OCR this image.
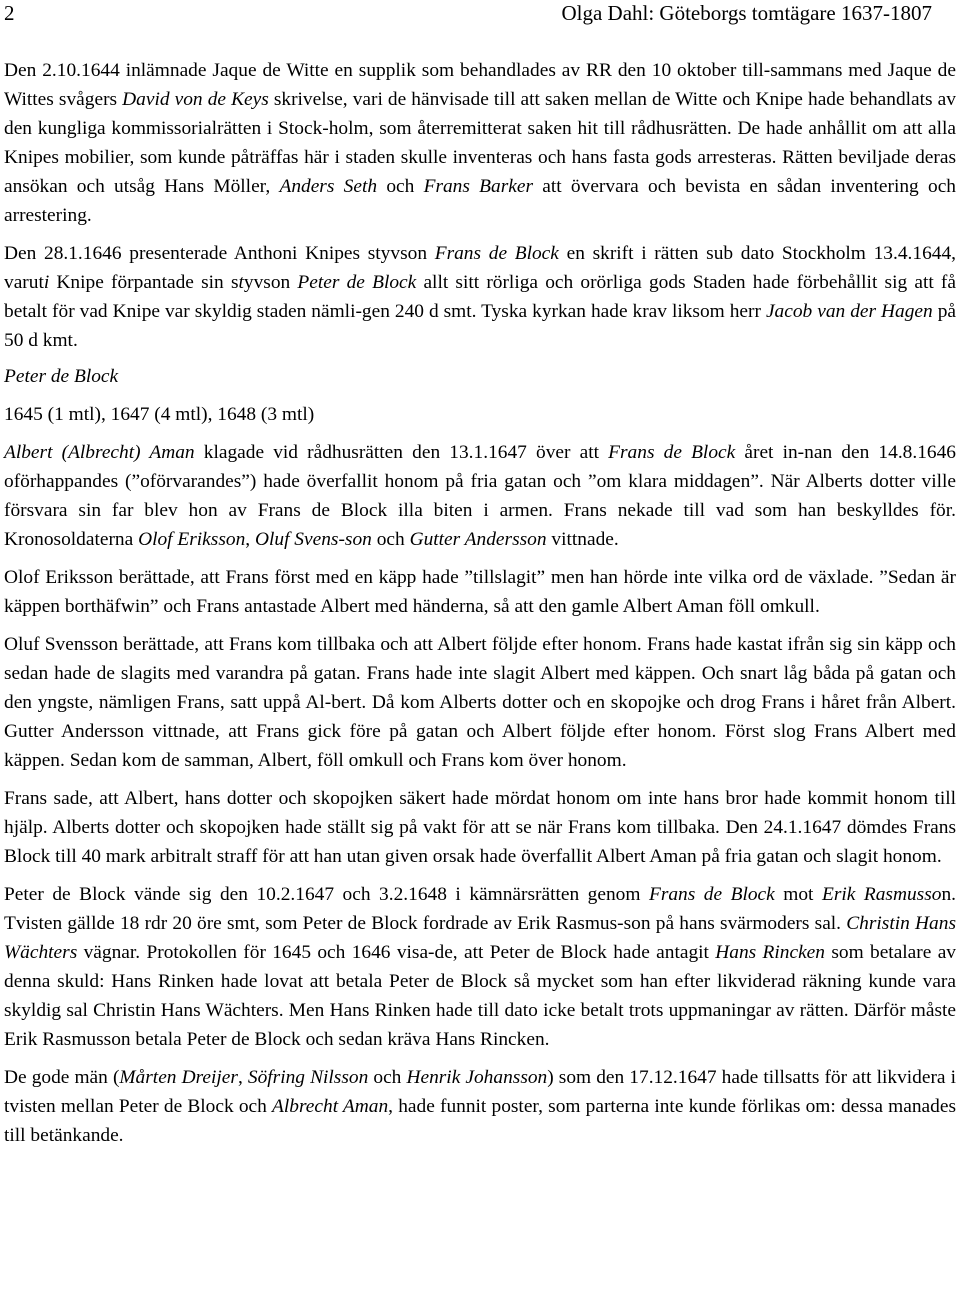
2	Olga Dahl: Göteborgs tomtägare 1637-1807

Den 2.10.1644 inlämnade Jaque de Witte en supplik som behandlades av RR den 10 oktober till-sammans med Jaque de Wittes svågers David von de Keys skrivelse, vari de hänvisade till att saken mellan de Witte och Knipe hade behandlats av den kungliga kommissorialrätten i Stock-holm, som återremitterat saken hit till rådhusrätten. De hade anhållit om att alla Knipes mobilier, som kunde påträffas här i staden skulle inventeras och hans fasta gods arresteras. Rätten beviljade deras ansökan och utsåg Hans Möller, Anders Seth och Frans Barker att övervara och bevista en sådan inventering och arrestering.

Den 28.1.1646 presenterade Anthoni Knipes styvson Frans de Block en skrift i rätten sub dato Stockholm 13.4.1644, varuti Knipe förpantade sin styvson Peter de Block allt sitt rörliga och orörliga gods Staden hade förbehållit sig att få betalt för vad Knipe var skyldig staden nämli-gen 240 d smt. Tyska kyrkan hade krav liksom herr Jacob van der Hagen på 50 d kmt.

Peter de Block

1645 (1 mtl), 1647 (4 mtl), 1648 (3 mtl)

Albert (Albrecht) Aman klagade vid rådhusrätten den 13.1.1647 över att Frans de Block året in-nan den 14.8.1646 oförhappandes (”oförvarandes”) hade överfallit honom på fria gatan och ”om klara middagen”. När Alberts dotter ville försvara sin far blev hon av Frans de Block illa biten i armen. Frans nekade till vad som han beskylldes för. Kronosoldaterna Olof Eriksson, Oluf Svens-son och Gutter Andersson vittnade.

Olof Eriksson berättade, att Frans först med en käpp hade ”tillslagit” men han hörde inte vilka ord de växlade. ”Sedan är käppen borthäfwin” och Frans antastade Albert med händerna, så att den gamle Albert Aman föll omkull.

Oluf Svensson berättade, att Frans kom tillbaka och att Albert följde efter honom. Frans hade kastat ifrån sig sin käpp och sedan hade de slagits med varandra på gatan. Frans hade inte slagit Albert med käppen. Och snart låg båda på gatan och den yngste, nämligen Frans, satt uppå Al-bert. Då kom Alberts dotter och en skopojke och drog Frans i håret från Albert. Gutter Andersson vittnade, att Frans gick före på gatan och Albert följde efter honom. Först slog Frans Albert med käppen. Sedan kom de samman, Albert, föll omkull och Frans kom över honom.

Frans sade, att Albert, hans dotter och skopojken säkert hade mördat honom om inte hans bror hade kommit honom till hjälp. Alberts dotter och skopojken hade ställt sig på vakt för att se när Frans kom tillbaka. Den 24.1.1647 dömdes Frans Block till 40 mark arbitralt straff för att han utan given orsak hade överfallit Albert Aman på fria gatan och slagit honom.

Peter de Block vände sig den 10.2.1647 och 3.2.1648 i kämnärsrätten genom Frans de Block mot Erik Rasmusson. Tvisten gällde 18 rdr 20 öre smt, som Peter de Block fordrade av Erik Rasmus-son på hans svärmoders sal. Christin Hans Wächters vägnar. Protokollen för 1645 och 1646 visa-de, att Peter de Block hade antagit Hans Rincken som betalare av denna skuld: Hans Rinken hade lovat att betala Peter de Block så mycket som han efter likviderad räkning kunde vara skyldig sal Christin Hans Wächters. Men Hans Rinken hade till dato icke betalt trots uppmaningar av rätten. Därför måste Erik Rasmusson betala Peter de Block och sedan kräva Hans Rincken.

De gode män (Mårten Dreijer, Söfring Nilsson och Henrik Johansson) som den 17.12.1647 hade tillsatts för att likvidera i tvisten mellan Peter de Block och Albrecht Aman, hade funnit poster, som parterna inte kunde förlikas om: dessa manades till betänkande.
